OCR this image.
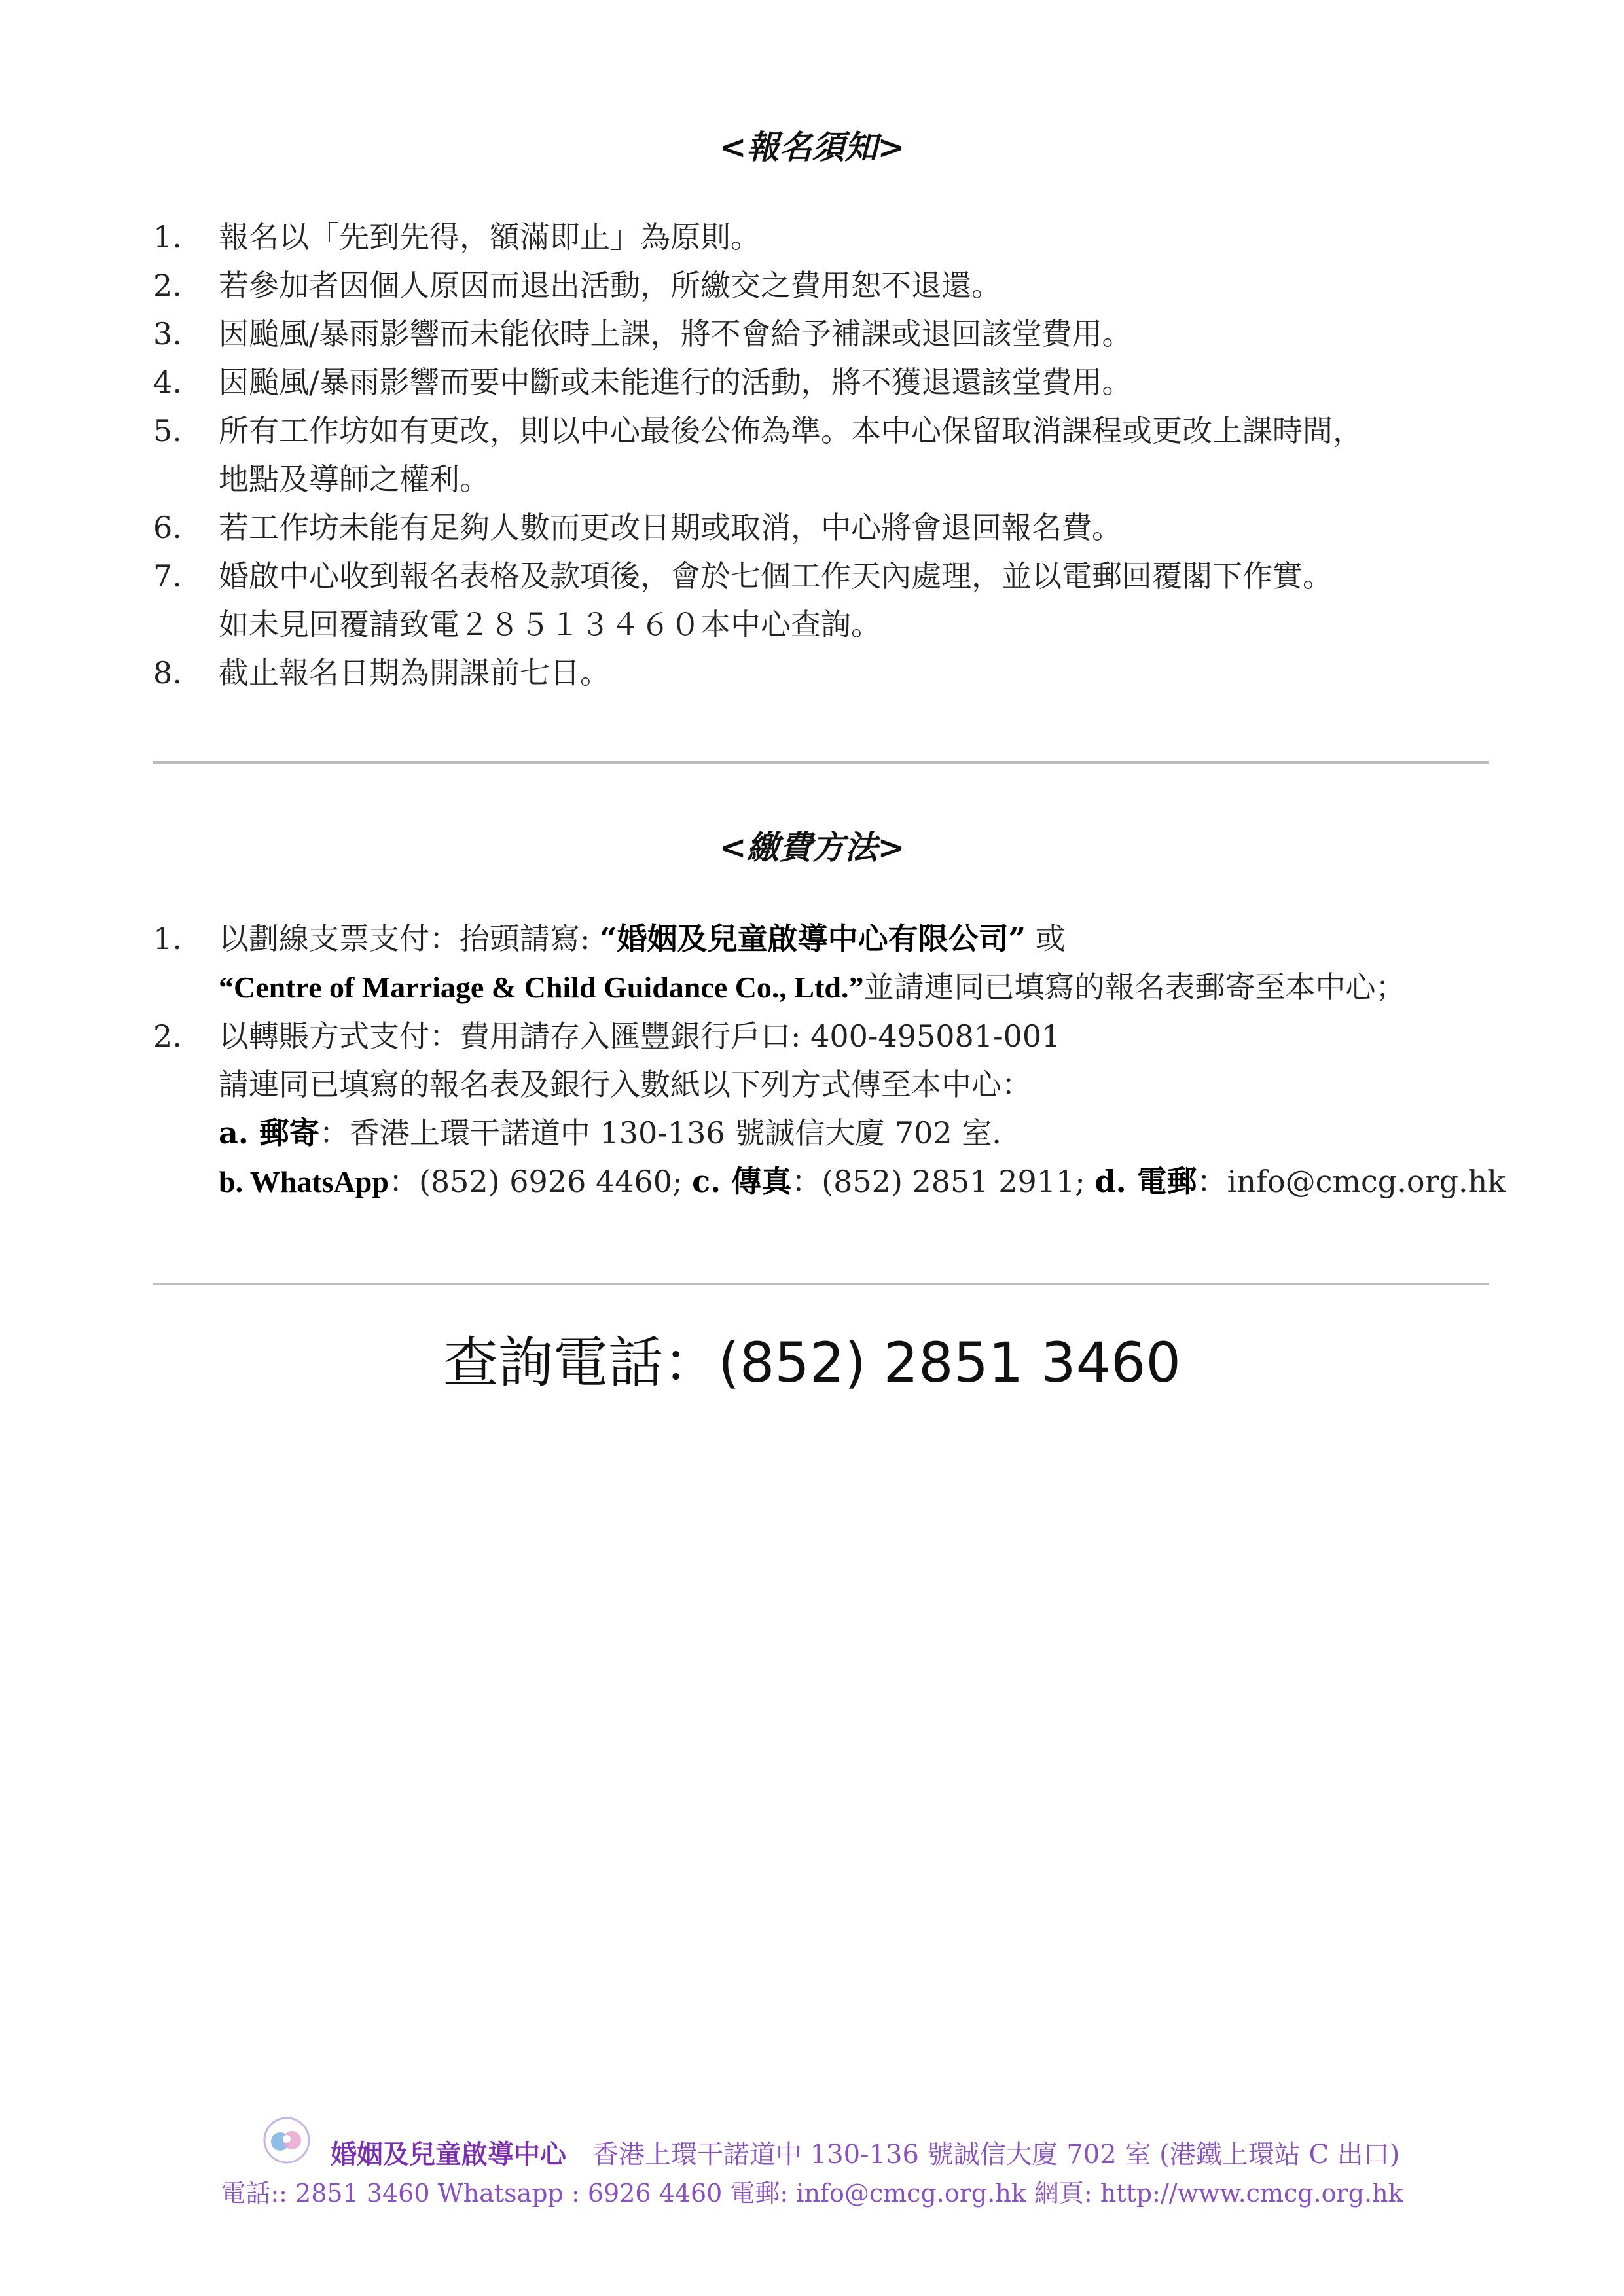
<報名須知>
1. 報名以「先到先得，額滿即止」為原則。
2. 若參加者因個人原因而退出活動，所繳交之費用恕不退還。
3. 因颱風/暴雨影響而未能依時上課，將不會給予補課或退回該堂費用。
4. 因颱風/暴雨影響而要中斷或未能進行的活動，將不獲退還該堂費用。
5. 所有工作坊如有更改，則以中心最後公佈為準。本中心保留取消課程或更改上課時間，
地點及導師之權利。
6. 若工作坊未能有足夠人數而更改日期或取消，中心將會退回報名費。
7. 婚啟中心收到報名表格及款項後，會於七個工作天內處理，並以電郵回覆閣下作實。
如未見回覆請致電２８５１３４６０本中心查詢。
8. 截止報名日期為開課前七日。
<繳費方法>
1. 以劃線支票支付：抬頭請寫: “婚姻及兒童啟導中心有限公司” 或
“Centre of Marriage & Child Guidance Co., Ltd.”並請連同已填寫的報名表郵寄至本中心；
2. 以轉賬方式支付：費用請存入匯豐銀行戶口: 400-495081-001
請連同已填寫的報名表及銀行入數紙以下列方式傳至本中心：
a. 郵寄：香港上環干諾道中 130-136 號誠信大廈 702 室.
b. WhatsApp：(852) 6926 4460; c. 傳真：(852) 2851 2911; d. 電郵：info@cmcg.org.hk
查詢電話：(852) 2851 3460
婚姻及兒童啟導中心 香港上環干諾道中 130-136 號誠信大廈 702 室 (港鐵上環站 C 出口)
電話:: 2851 3460 Whatsapp : 6926 4460 電郵: info@cmcg.org.hk 網頁: http://www.cmcg.org.hk
